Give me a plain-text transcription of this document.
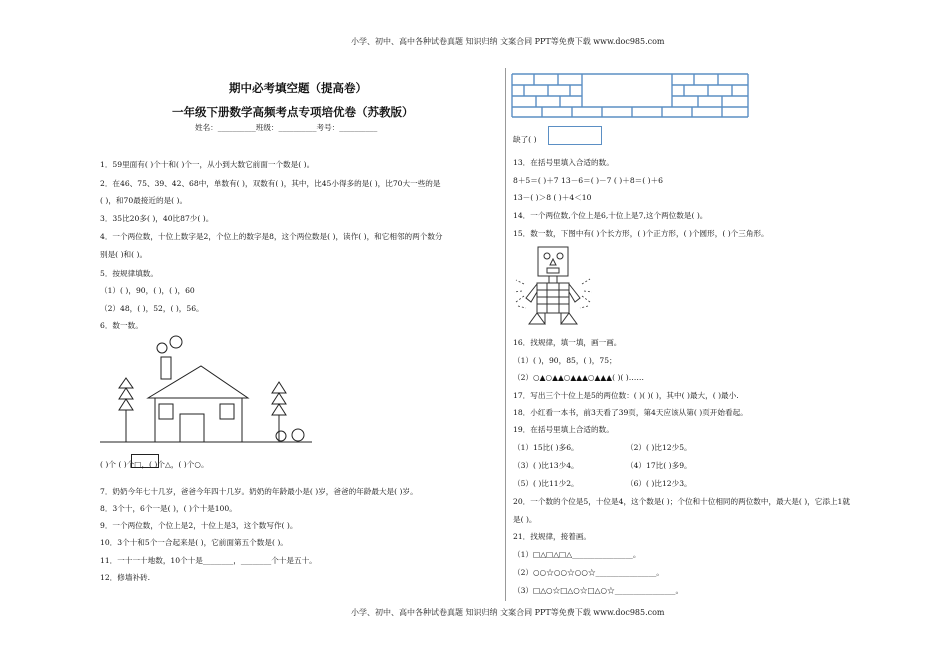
小学、初中、高中各种试卷真题 知识归纳 文案合同 PPT等免费下载 www.doc985.com
小学、初中、高中各种试卷真题 知识归纳 文案合同 PPT等免费下载 www.doc985.com
期中必考填空题（提高卷）
一年级下册数学高频考点专项培优卷（苏教版）
姓名：__________班级：__________考号：__________
1．59里面有( )个十和( )个一，从小到大数它前面一个数是( )。
2．在46、75、39、42、68中，单数有( )，双数有( )，其中，比45小得多的是( )，比70大一些的是
( )，和70最接近的是( )。
3．35比20多( )，40比87少( )。
4．一个两位数，十位上数字是2，个位上的数字是8，这个两位数是( )，读作( )，和它相邻的两个数分
别是( )和( )。
5．按规律填数。
（1）( )，90，( )，( )，60
（2）48，( )，52，( )，56。
6．数一数。
( )个 ( )个□，( )个△，( )个○。
7．奶奶今年七十几岁，爸爸今年四十几岁。奶奶的年龄最小是( )岁，爸爸的年龄最大是( )岁。
8．3个十，6个一是( )，( )个十是100。
9．一个两位数，个位上是2，十位上是3，这个数写作( )。
10．3个十和5个一合起来是( )，它前面第五个数是( )。
11．一十一十地数，10个十是________，________个十是五十。
12．修墙补砖.
缺了( )
13．在括号里填入合适的数。
8＋5＝( )＋7 13－6＝( )－7 ( )＋8＝( )＋6
13－( )＞8 ( )＋4＜10
14．一个两位数,个位上是6,十位上是7,这个两位数是( )。
15．数一数，下图中有( )个长方形，( )个正方形，( )个圆形，( )个三角形。
16．找规律，填一填，画一画。
（1）( )，90，85，( )，75；
（2）○▲○▲▲○▲▲▲○▲▲▲( )( )……
17．写出三个十位上是5的两位数：( )( )( )，其中( )最大，( )最小.
18．小红看一本书，前3天看了39页，第4天应该从第( )页开始看起。
19．在括号里填上合适的数。
（1）15比( )多6。	（2）( )比12少5。
（3）( )比13少4。	（4）17比( )多9。
（5）( )比11少2。	（6）( )比12少3。
20．一个数的个位是5，十位是4，这个数是( )；个位和十位相同的两位数中，最大是( )，它添上1就
是( )。
21．找规律，接着画。
（1）□△□△□△________________。
（2）○○☆○○☆○○☆________________。
（3）□△○☆□△○☆□△○☆________________。
